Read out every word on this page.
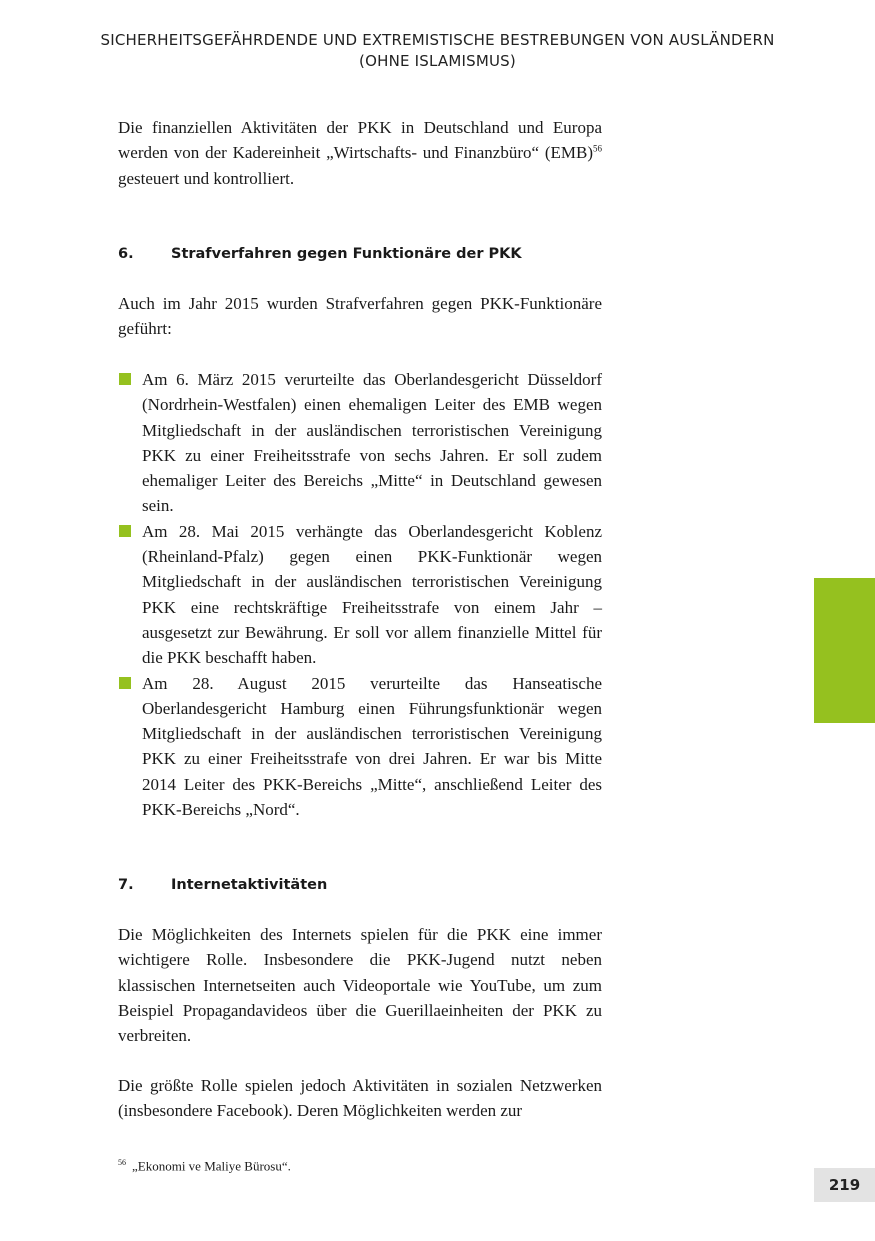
SICHERHEITSGEFÄHRDENDE UND EXTREMISTISCHE BESTREBUNGEN VON AUSLÄNDERN
(OHNE ISLAMISMUS)

Die finanziellen Aktivitäten der PKK in Deutschland und Europa werden von der Kadereinheit „Wirtschafts- und Finanzbüro“ (EMB)$^{56}$ gesteuert und kontrolliert.

6.	Strafverfahren gegen Funktionäre der PKK

Auch im Jahr 2015 wurden Strafverfahren gegen PKK-Funktionäre geführt:

Am 6. März 2015 verurteilte das Oberlandesgericht Düsseldorf (Nordrhein-Westfalen) einen ehemaligen Leiter des EMB wegen Mitgliedschaft in der ausländischen terroristischen Vereinigung PKK zu einer Freiheitsstrafe von sechs Jahren. Er soll zudem ehemaliger Leiter des Bereichs „Mitte“ in Deutschland gewesen sein.
Am 28. Mai 2015 verhängte das Oberlandesgericht Koblenz (Rheinland-Pfalz) gegen einen PKK-Funktionär wegen Mitgliedschaft in der ausländischen terroristischen Vereinigung PKK eine rechtskräftige Freiheitsstrafe von einem Jahr – ausgesetzt zur Bewährung. Er soll vor allem finanzielle Mittel für die PKK beschafft haben.
Am 28. August 2015 verurteilte das Hanseatische Oberlandesgericht Hamburg einen Führungsfunktionär wegen Mitgliedschaft in der ausländischen terroristischen Vereinigung PKK zu einer Freiheitsstrafe von drei Jahren. Er war bis Mitte 2014 Leiter des PKK-Bereichs „Mitte“, anschließend Leiter des PKK-Bereichs „Nord“.
7.	Internetaktivitäten

Die Möglichkeiten des Internets spielen für die PKK eine immer wichtigere Rolle. Insbesondere die PKK-Jugend nutzt neben klassischen Internetseiten auch Videoportale wie YouTube, um zum Beispiel Propagandavideos über die Guerillaeinheiten der PKK zu verbreiten.

Die größte Rolle spielen jedoch Aktivitäten in sozialen Netzwerken (insbesondere Facebook). Deren Möglichkeiten werden zur

$^{56}$ „Ekonomi ve Maliye Bürosu“.
219
